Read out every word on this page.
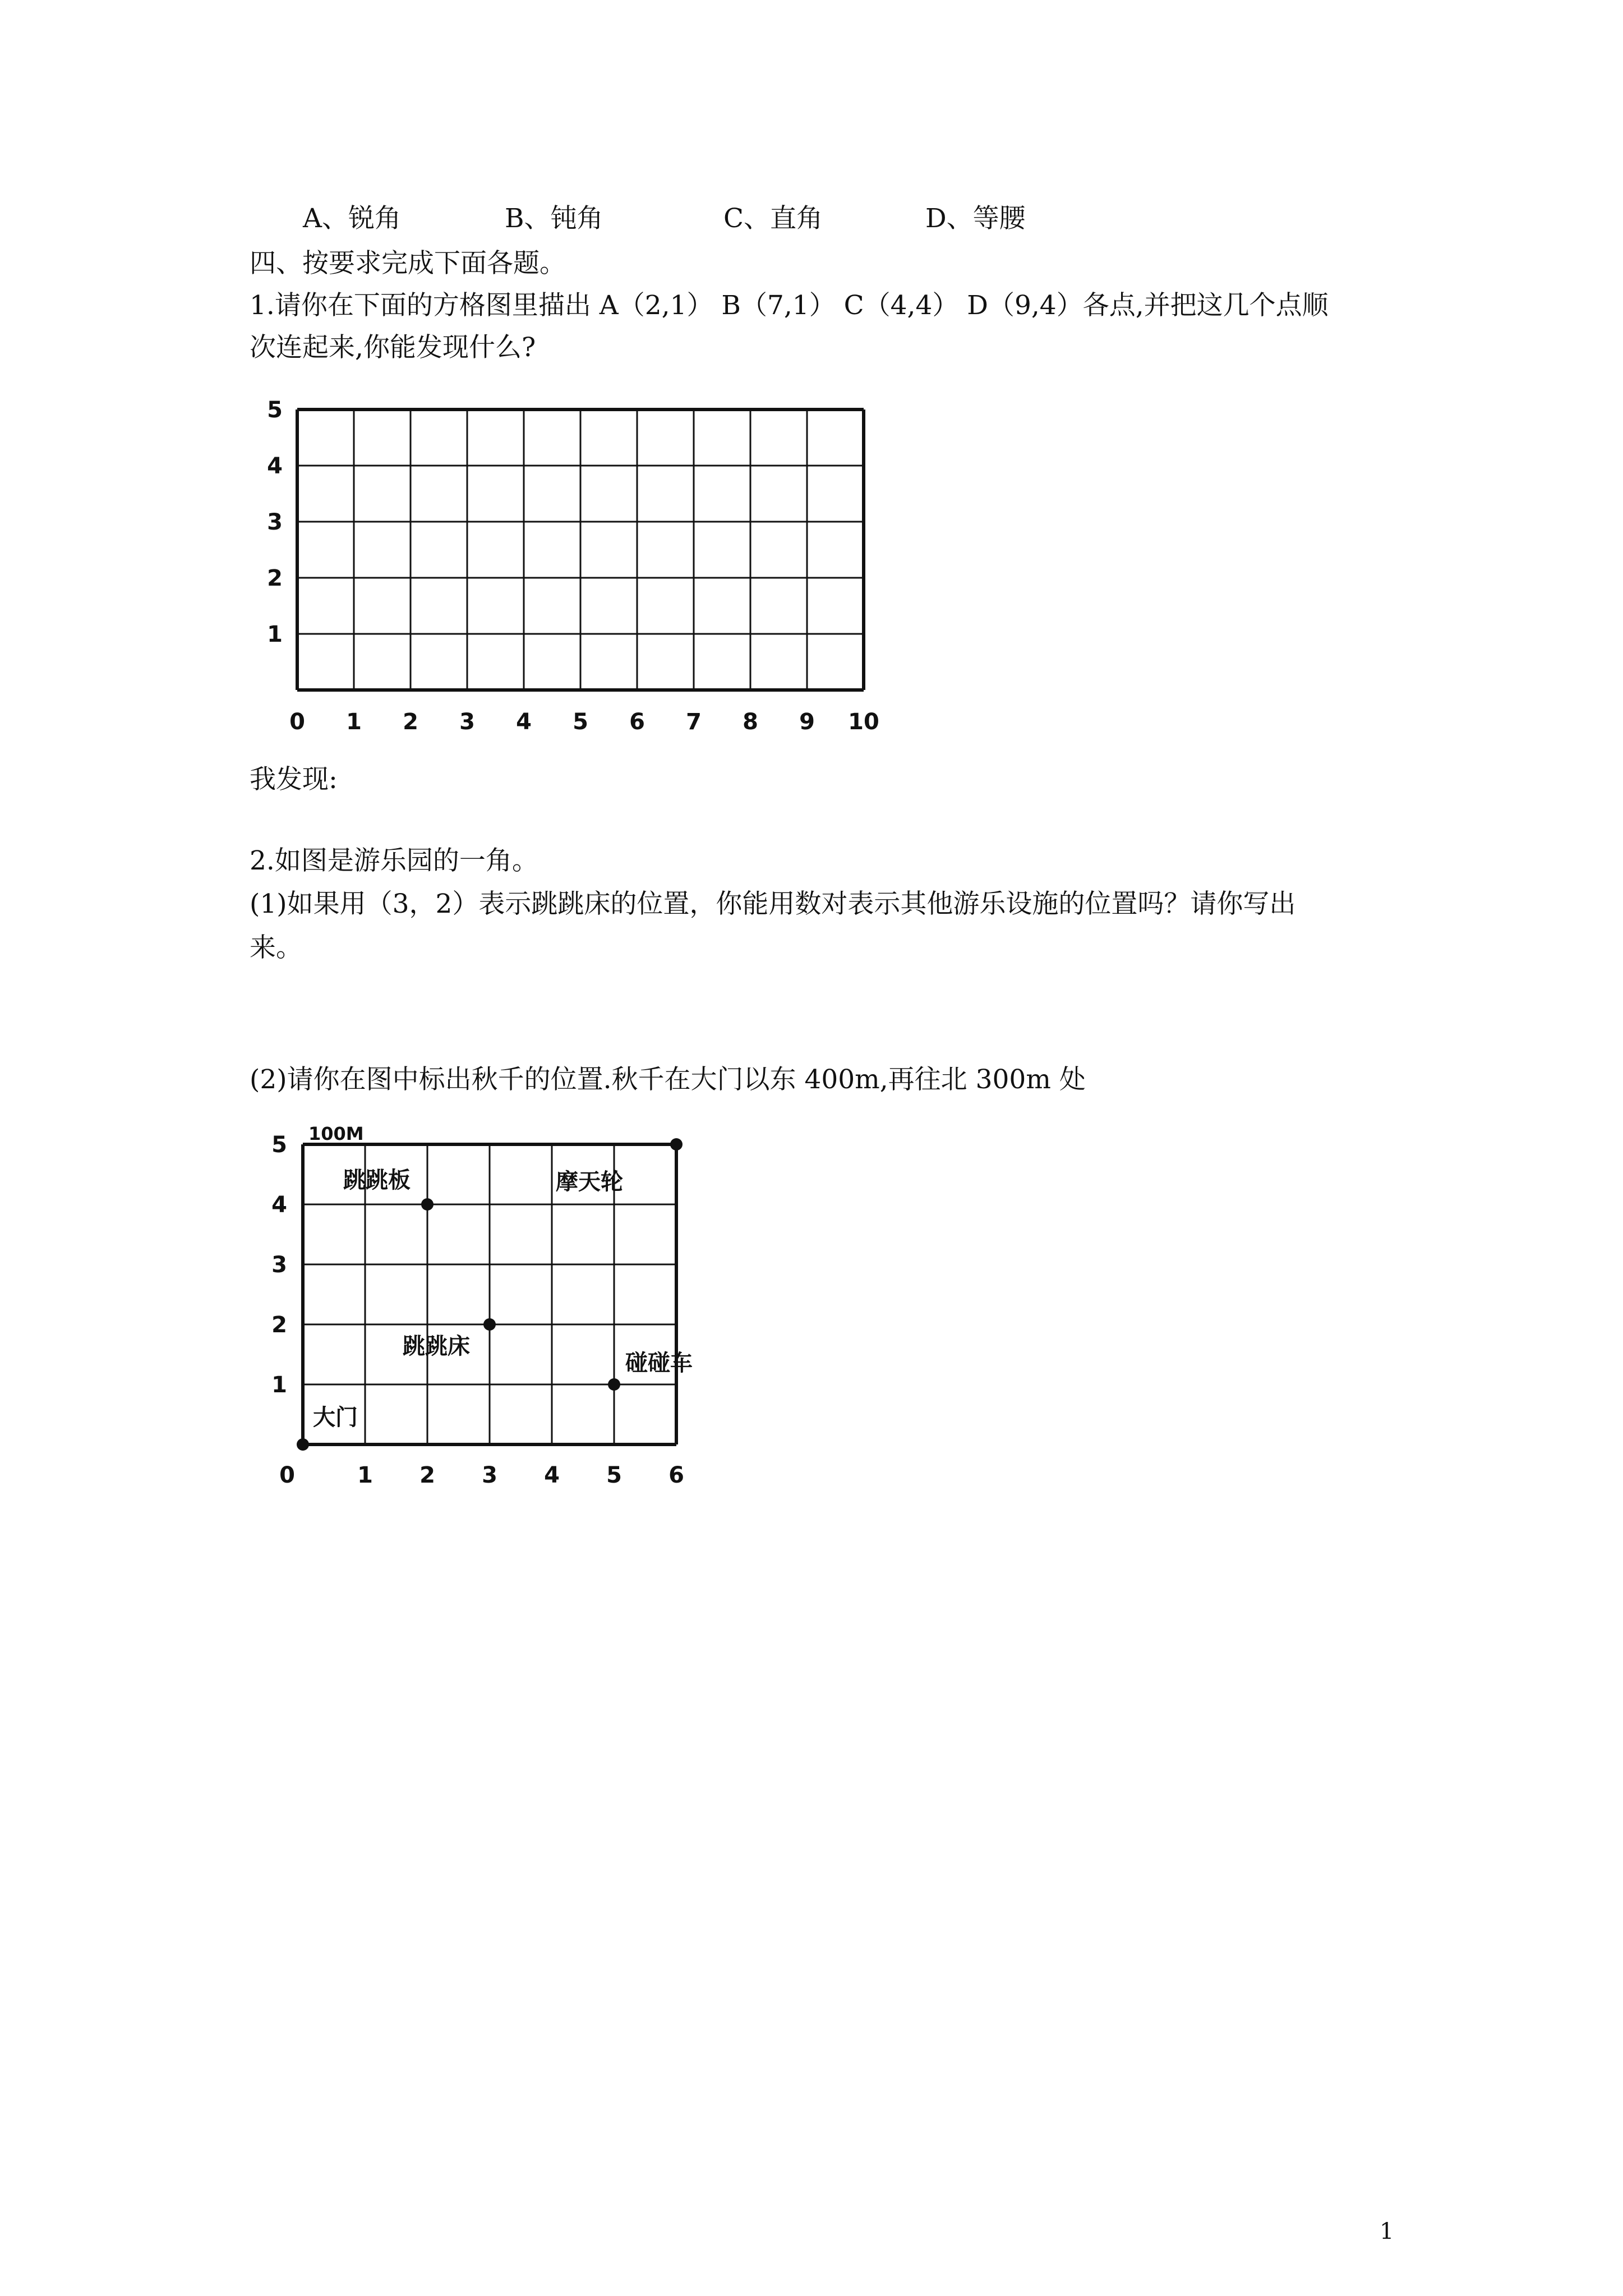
A、锐角	B、钝角	C、直角	D、等腰
四、按要求完成下面各题。
1.请你在下面的方格图里描出 A（2,1） B（7,1） C（4,4） D（9,4）各点,并把这几个点顺
次连起来,你能发现什么?
0 1 2 3 4 5 6 7 8 9 10
1
2
3
4
5
我发现:
2.如图是游乐园的一角。
(1)如果用（3，2）表示跳跳床的位置，你能用数对表示其他游乐设施的位置吗？请你写出
来。
(2)请你在图中标出秋千的位置.秋千在大门以东 400m,再往北 300m 处
0	1 2 3 4 5 6
1
2
3
4
5 100M
跳跳板	摩天轮
跳跳床
碰碰车
大门
1
